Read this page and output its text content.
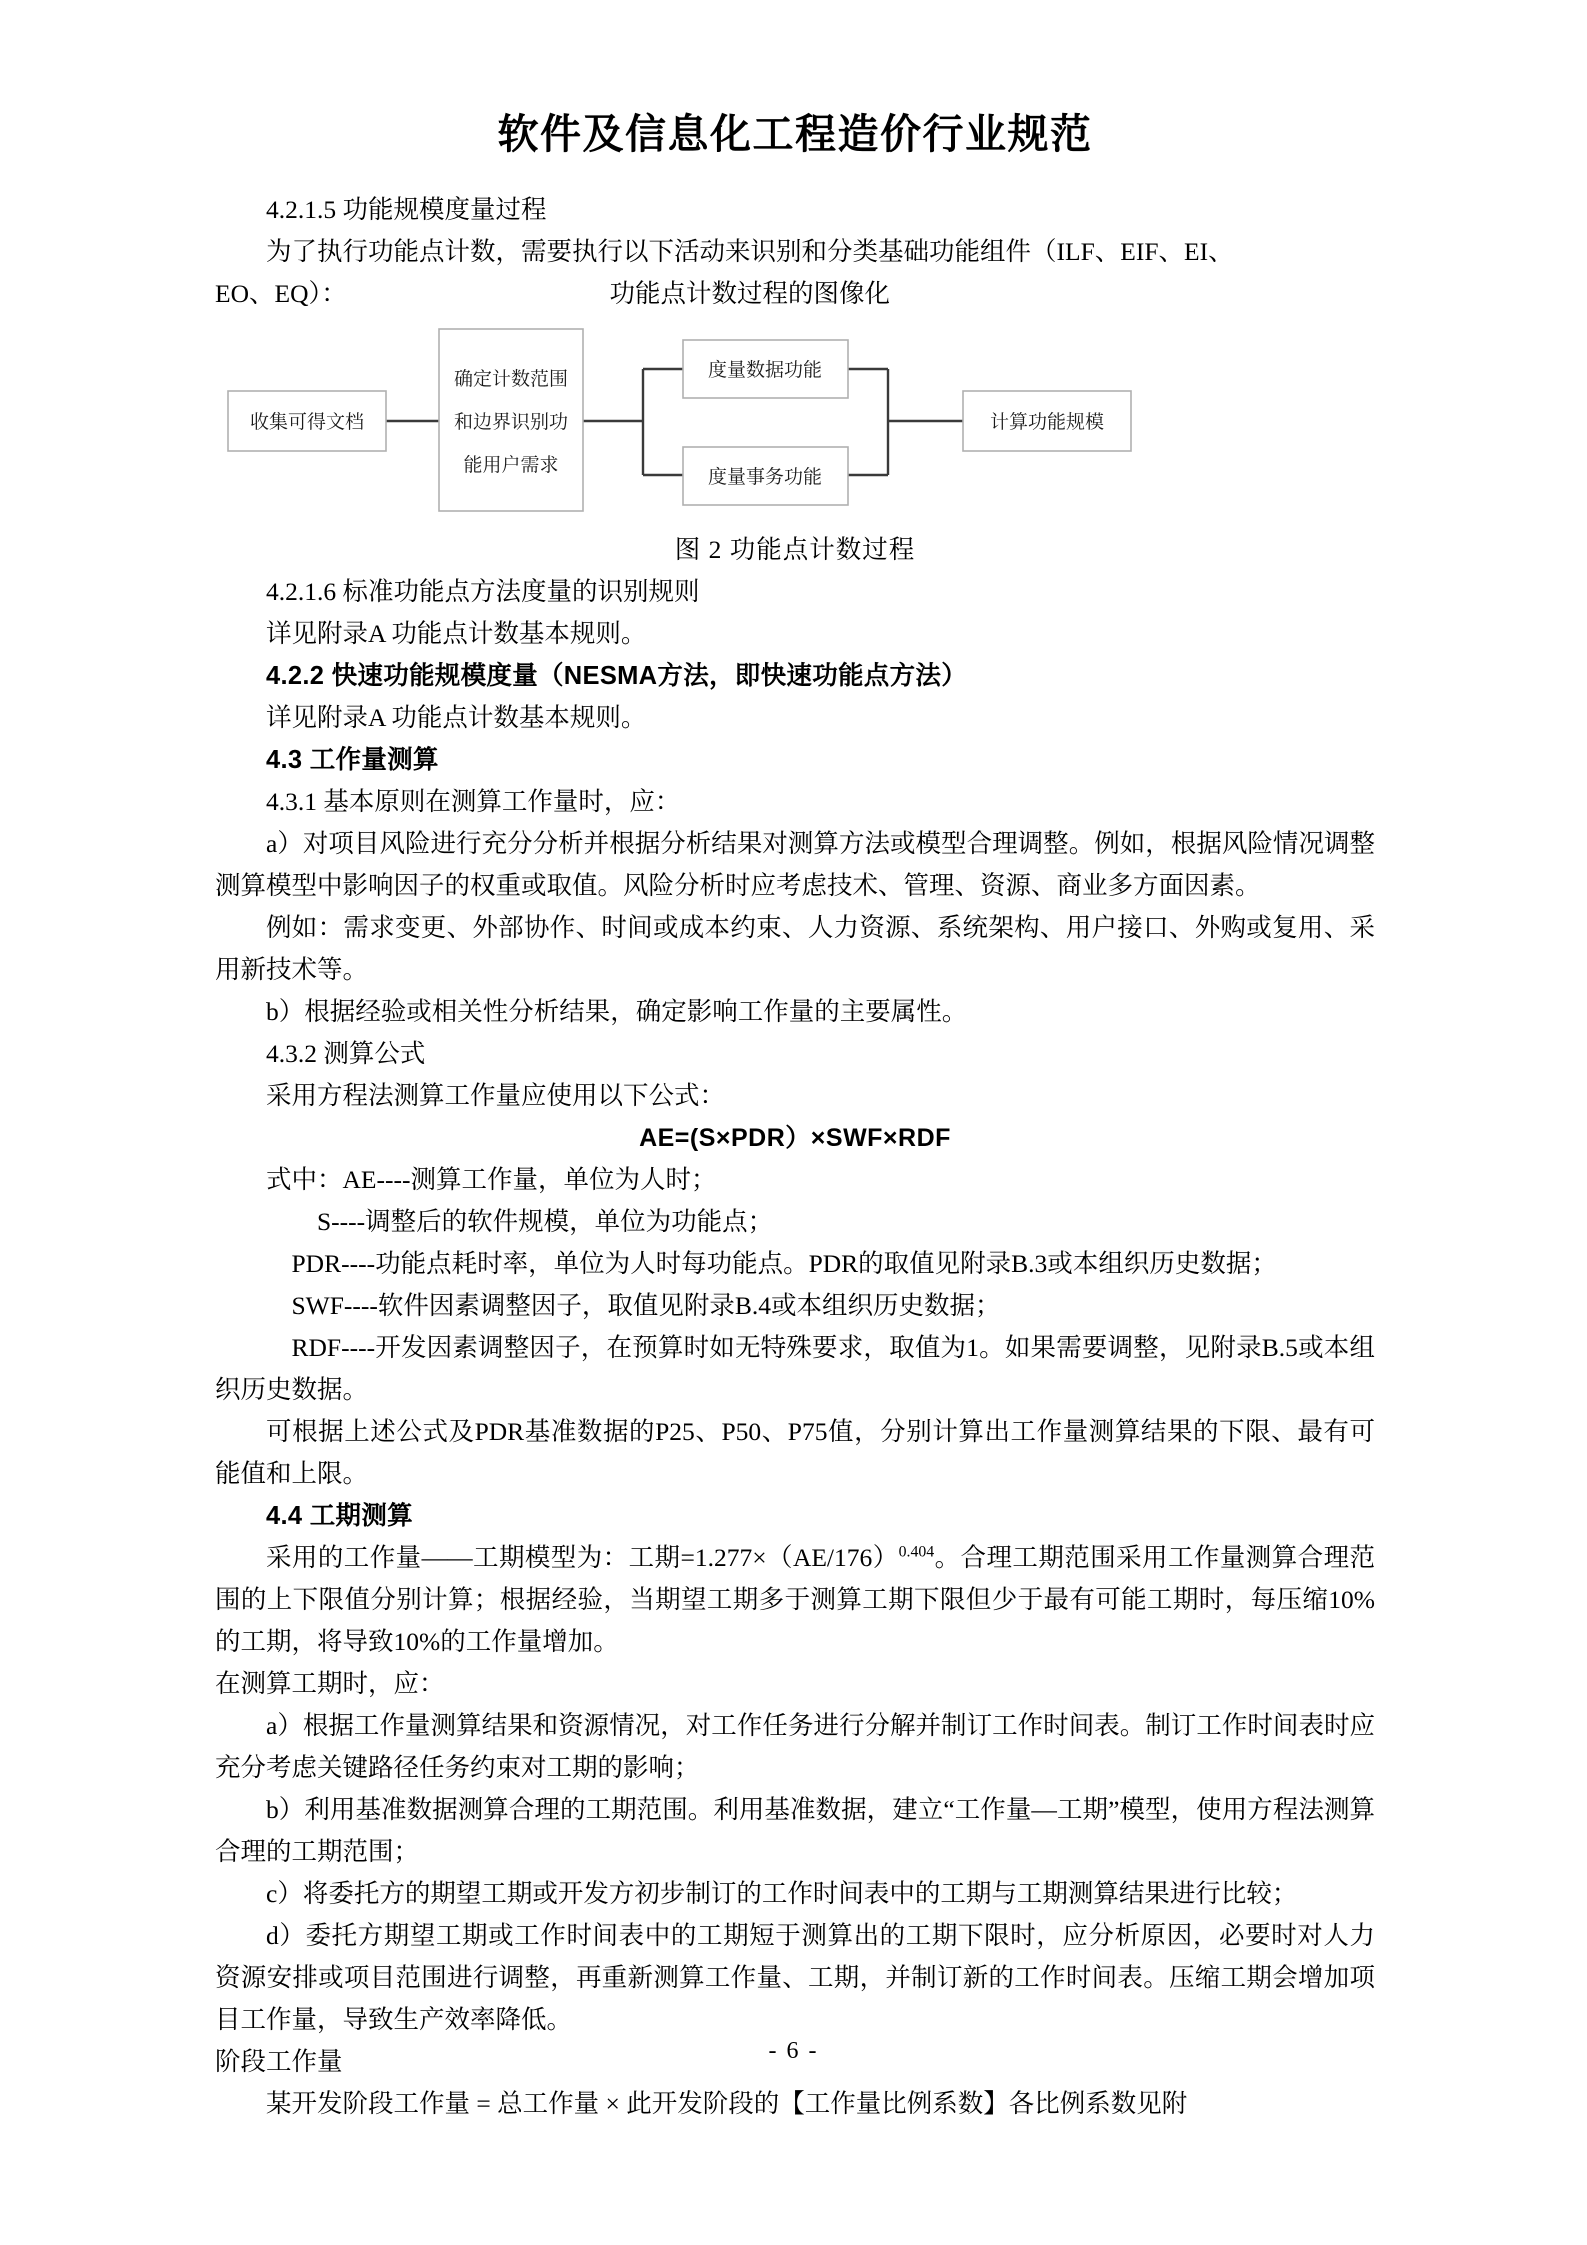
软件及信息化工程造价行业规范

4.2.1.5 功能规模度量过程

为了执行功能点计数，需要执行以下活动来识别和分类基础功能组件（ILF、EIF、EI、

EO、EQ）：	功能点计数过程的图像化

收集可得文档
确定计数范围
和边界识别功
能用户需求
度量数据功能
度量事务功能
计算功能规模
图 2 功能点计数过程

4.2.1.6 标准功能点方法度量的识别规则

详见附录A 功能点计数基本规则。

4.2.2 快速功能规模度量（NESMA方法，即快速功能点方法）

详见附录A 功能点计数基本规则。

4.3 工作量测算

4.3.1 基本原则在测算工作量时，应：

a）对项目风险进行充分分析并根据分析结果对测算方法或模型合理调整。例如，根据风险情况调整测算模型中影响因子的权重或取值。风险分析时应考虑技术、管理、资源、商业多方面因素。

例如：需求变更、外部协作、时间或成本约束、人力资源、系统架构、用户接口、外购或复用、采用新技术等。

b）根据经验或相关性分析结果，确定影响工作量的主要属性。

4.3.2 测算公式

采用方程法测算工作量应使用以下公式：

AE=(S×PDR）×SWF×RDF

式中：AE----测算工作量，单位为人时；

S----调整后的软件规模，单位为功能点；

PDR----功能点耗时率，单位为人时每功能点。PDR的取值见附录B.3或本组织历史数据；

SWF----软件因素调整因子，取值见附录B.4或本组织历史数据；

RDF----开发因素调整因子，在预算时如无特殊要求，取值为1。如果需要调整，见附录B.5或本组织历史数据。

可根据上述公式及PDR基准数据的P25、P50、P75值，分别计算出工作量测算结果的下限、最有可能值和上限。

4.4 工期测算

采用的工作量——工期模型为：工期$=1.277\times(AE/176)^{0.404}$。合理工期范围采用工作量测算合理范围的上下限值分别计算；根据经验，当期望工期多于测算工期下限但少于最有可能工期时，每压缩10%的工期，将导致10%的工作量增加。

在测算工期时，应：

a）根据工作量测算结果和资源情况，对工作任务进行分解并制订工作时间表。制订工作时间表时应充分考虑关键路径任务约束对工期的影响；

b）利用基准数据测算合理的工期范围。利用基准数据，建立“工作量—工期”模型，使用方程法测算合理的工期范围；

c）将委托方的期望工期或开发方初步制订的工作时间表中的工期与工期测算结果进行比较；

d）委托方期望工期或工作时间表中的工期短于测算出的工期下限时，应分析原因，必要时对人力资源安排或项目范围进行调整，再重新测算工作量、工期，并制订新的工作时间表。压缩工期会增加项目工作量，导致生产效率降低。

阶段工作量

某开发阶段工作量 = 总工作量 × 此开发阶段的【工作量比例系数】各比例系数见附

- 6 -
